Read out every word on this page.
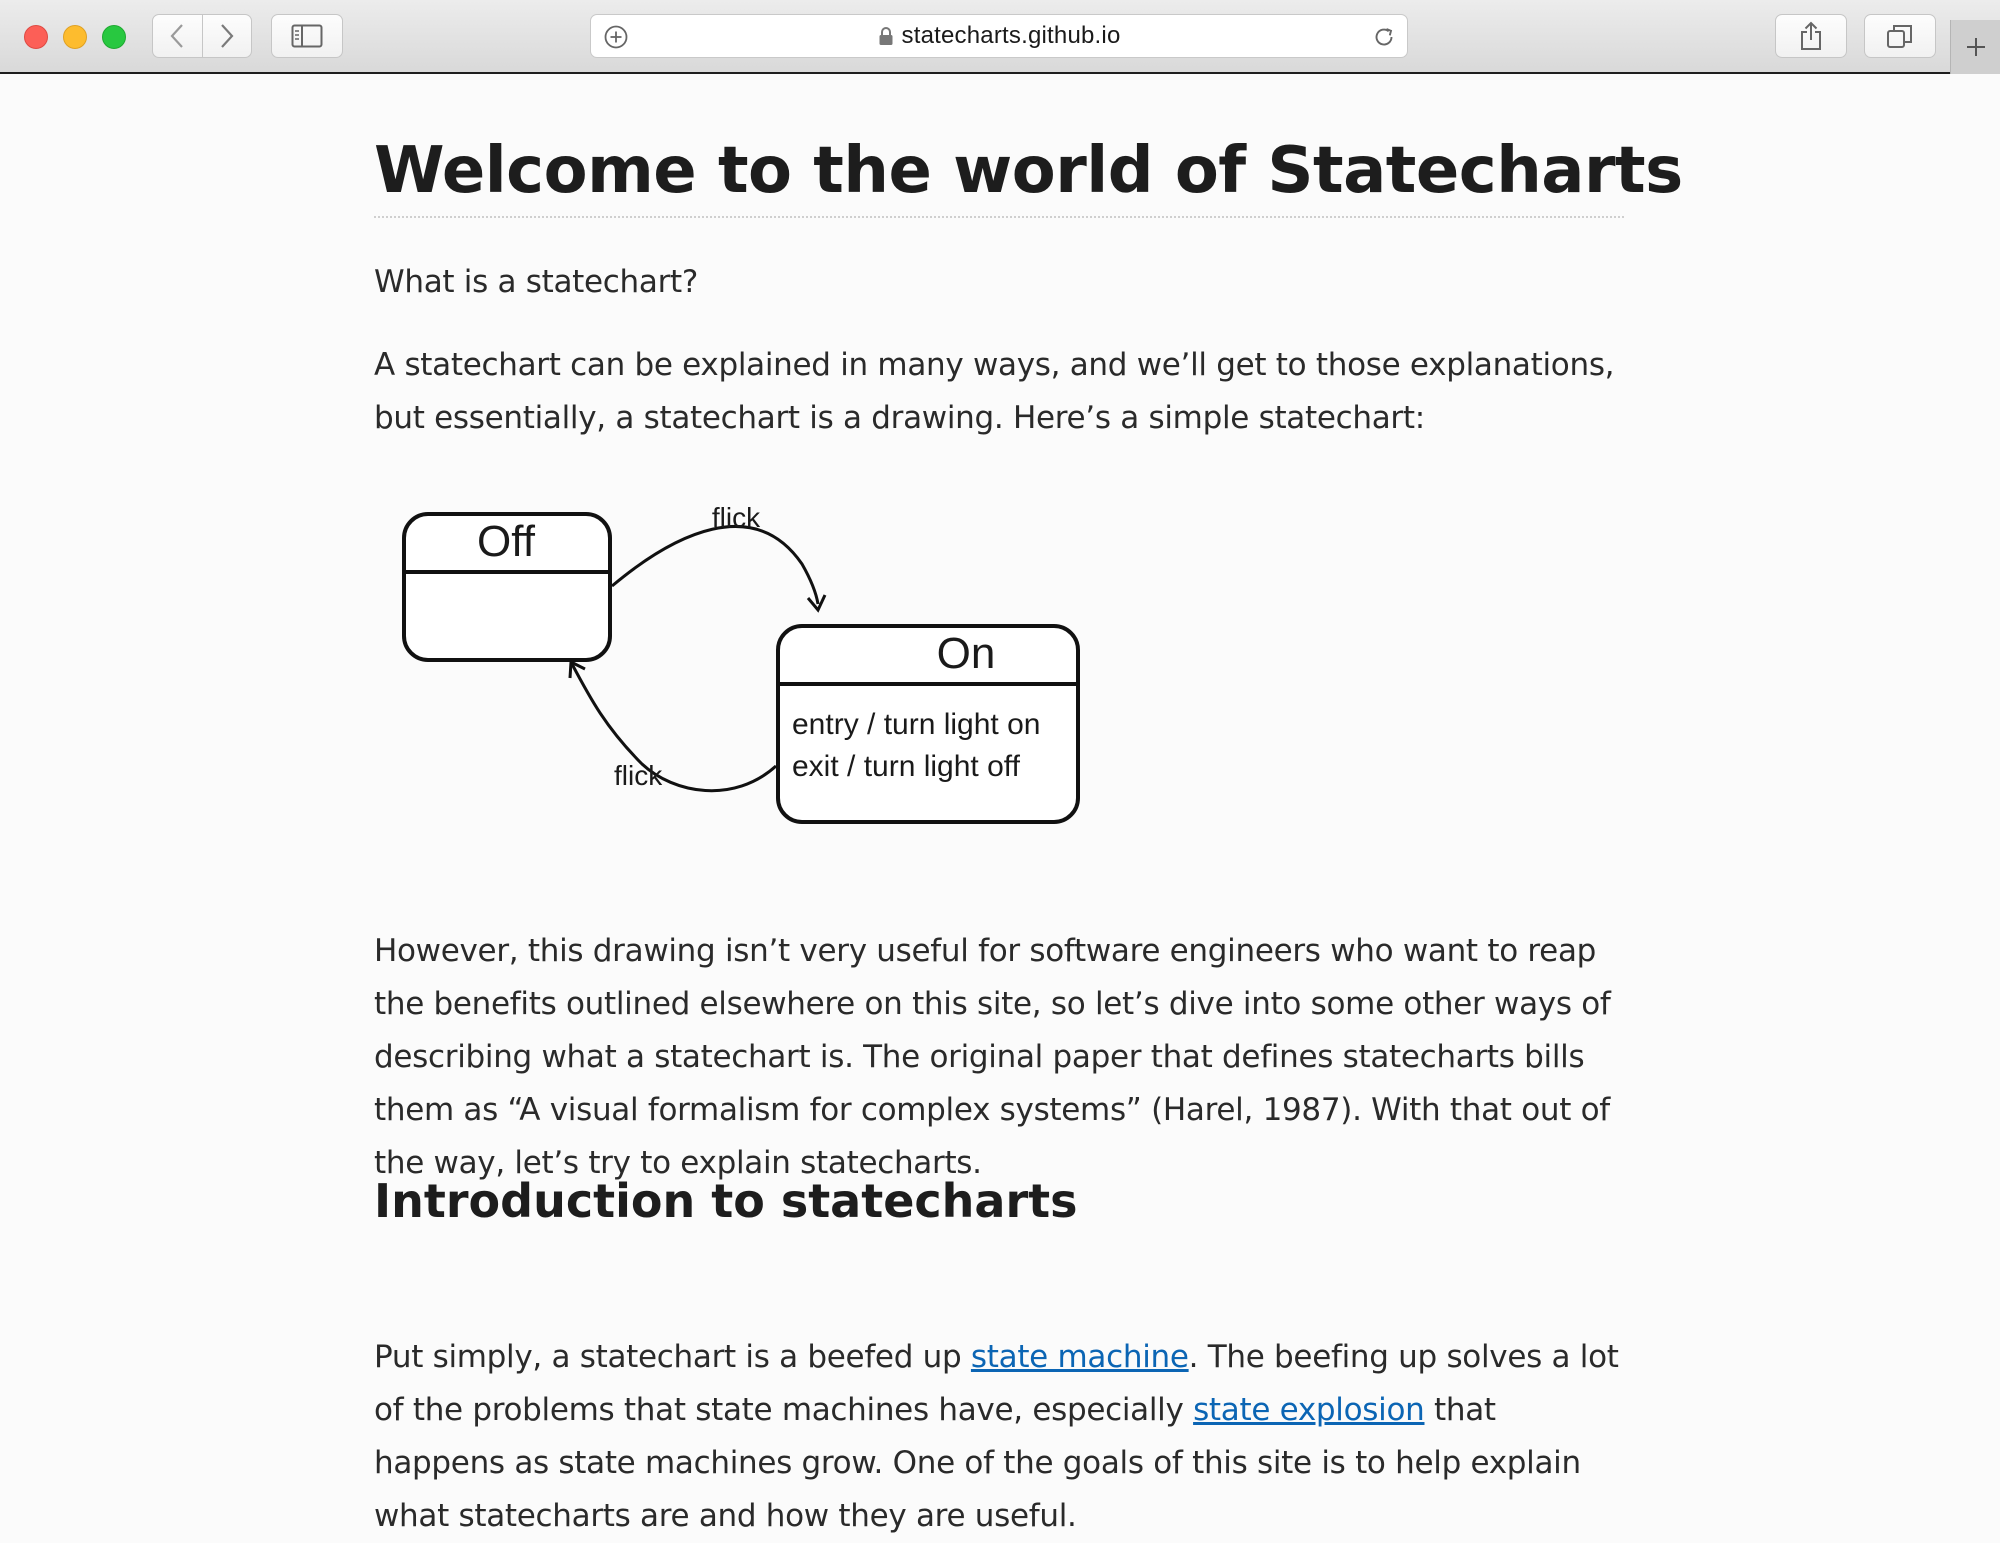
statecharts.github.io
Welcome to the world of Statecharts

What is a statechart?

A statechart can be explained in many ways, and we’ll get to those explanations, but essentially, a statechart is a drawing. Here’s a simple statechart:

Off
On
entry / turn light on
exit / turn light off
flick
flick

However, this drawing isn’t very useful for software engineers who want to reap the benefits outlined elsewhere on this site, so let’s dive into some other ways of describing what a statechart is. The original paper that defines statecharts bills them as “A visual formalism for complex systems” (Harel, 1987). With that out of the way, let’s try to explain statecharts.

Introduction to statecharts

Put simply, a statechart is a beefed up state machine. The beefing up solves a lot of the problems that state machines have, especially state explosion that happens as state machines grow. One of the goals of this site is to help explain what statecharts are and how they are useful.
